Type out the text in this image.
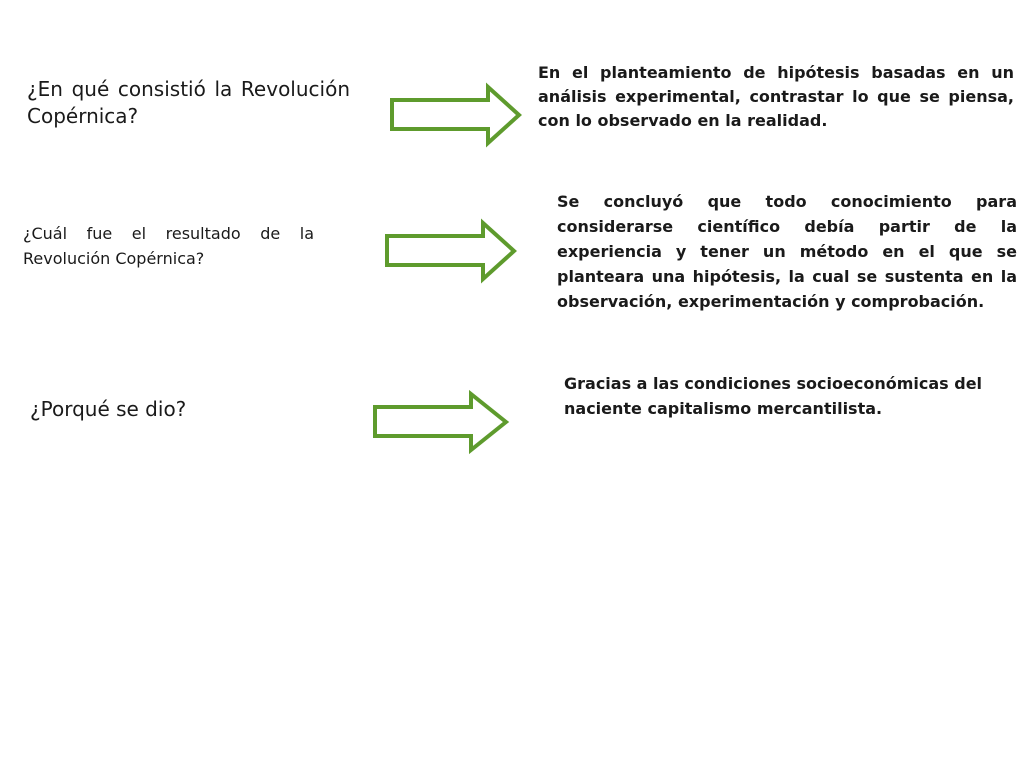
¿En qué consistió la Revolución Copérnica?

En el planteamiento de hipótesis basadas en un análisis experimental, contrastar lo que se piensa, con lo observado en la realidad.

¿Cuál fue el resultado de la Revolución Copérnica?

Se concluyó que todo conocimiento para considerarse científico debía partir de la experiencia y tener un método en el que se planteara una hipótesis, la cual se sustenta en la observación, experimentación y comprobación.

¿Porqué se dio?

Gracias a las condiciones socioeconómicas del naciente capitalismo mercantilista.
